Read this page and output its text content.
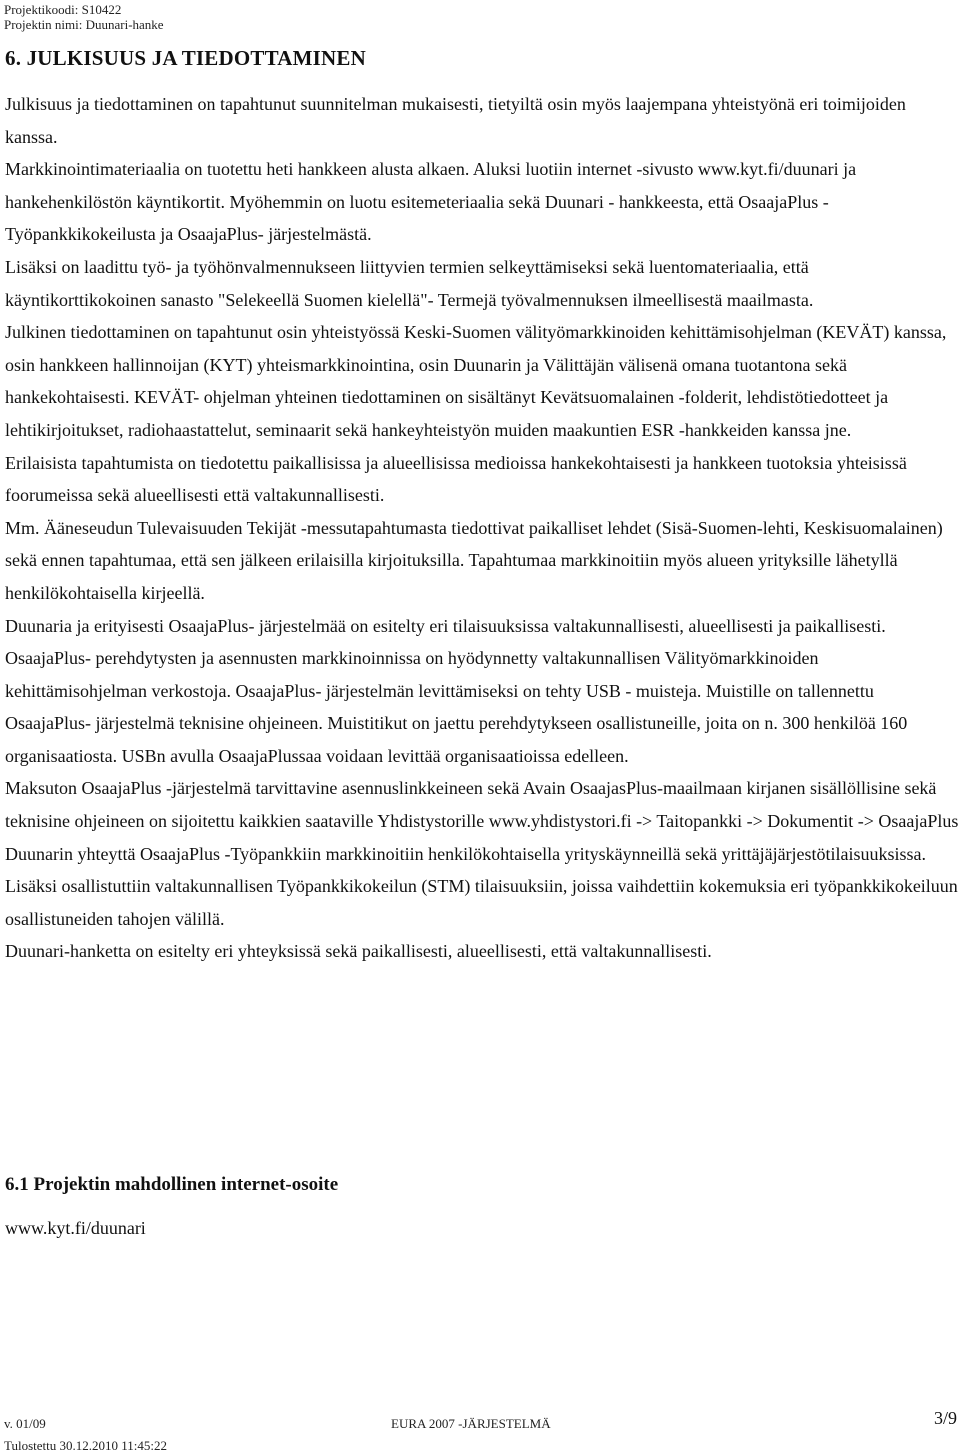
Projektikoodi: S10422
Projektin nimi: Duunari-hanke
6. JULKISUUS JA TIEDOTTAMINEN

Julkisuus ja tiedottaminen on tapahtunut suunnitelman mukaisesti, tietyiltä osin myös laajempana yhteistyönä eri toimijoiden kanssa.

Markkinointimateriaalia on tuotettu heti hankkeen alusta alkaen. Aluksi luotiin internet -sivusto www.kyt.fi/duunari ja hankehenkilöstön käyntikortit. Myöhemmin on luotu esitemeteriaalia sekä Duunari - hankkeesta, että OsaajaPlus -Työpankkikokeilusta ja OsaajaPlus- järjestelmästä.

Lisäksi on laadittu työ- ja työhönvalmennukseen liittyvien termien selkeyttämiseksi sekä luentomateriaalia, että käyntikorttikokoinen sanasto "Selekeellä Suomen kielellä"- Termejä työvalmennuksen ilmeellisestä maailmasta.

Julkinen tiedottaminen on tapahtunut osin yhteistyössä Keski-Suomen välityömarkkinoiden kehittämisohjelman (KEVÄT) kanssa, osin hankkeen hallinnoijan (KYT) yhteismarkkinointina, osin Duunarin ja Välittäjän välisenä omana tuotantona sekä hankekohtaisesti. KEVÄT- ohjelman yhteinen tiedottaminen on sisältänyt Kevätsuomalainen -folderit, lehdistötiedotteet ja lehtikirjoitukset, radiohaastattelut, seminaarit sekä hankeyhteistyön muiden maakuntien ESR -hankkeiden kanssa jne.

Erilaisista tapahtumista on tiedotettu paikallisissa ja alueellisissa medioissa hankekohtaisesti ja hankkeen tuotoksia yhteisissä foorumeissa sekä alueellisesti että valtakunnallisesti.

Mm. Ääneseudun Tulevaisuuden Tekijät -messutapahtumasta tiedottivat paikalliset lehdet (Sisä-Suomen-lehti, Keskisuomalainen) sekä ennen tapahtumaa, että sen jälkeen erilaisilla kirjoituksilla. Tapahtumaa markkinoitiin myös alueen yrityksille lähetyllä henkilökohtaisella kirjeellä.

Duunaria ja erityisesti OsaajaPlus- järjestelmää on esitelty eri tilaisuuksissa valtakunnallisesti, alueellisesti ja paikallisesti. OsaajaPlus- perehdytysten ja asennusten markkinoinnissa on hyödynnetty valtakunnallisen Välityömarkkinoiden kehittämisohjelman verkostoja. OsaajaPlus- järjestelmän levittämiseksi on tehty USB - muisteja. Muistille on tallennettu OsaajaPlus- järjestelmä teknisine ohjeineen. Muistitikut on jaettu perehdytykseen osallistuneille, joita on n. 300 henkilöä 160 organisaatiosta. USBn avulla OsaajaPlussaa voidaan levittää organisaatioissa edelleen.

Maksuton OsaajaPlus -järjestelmä tarvittavine asennuslinkkeineen sekä Avain OsaajasPlus-maailmaan kirjanen sisällöllisine sekä teknisine ohjeineen on sijoitettu kaikkien saataville Yhdistystorille www.yhdistystori.fi -> Taitopankki -> Dokumentit -> OsaajaPlus

Duunarin yhteyttä OsaajaPlus -Työpankkiin markkinoitiin henkilökohtaisella yrityskäynneillä sekä yrittäjäjärjestötilaisuuksissa. Lisäksi osallistuttiin valtakunnallisen Työpankkikokeilun (STM) tilaisuuksiin, joissa vaihdettiin kokemuksia eri työpankkikokeiluun osallistuneiden tahojen välillä.

Duunari-hanketta on esitelty eri yhteyksissä sekä paikallisesti, alueellisesti, että valtakunnallisesti.

6.1 Projektin mahdollinen internet-osoite

www.kyt.fi/duunari

v. 01/09	EURA 2007 -JÄRJESTELMÄ	3/9
Tulostettu 30.12.2010 11:45:22
